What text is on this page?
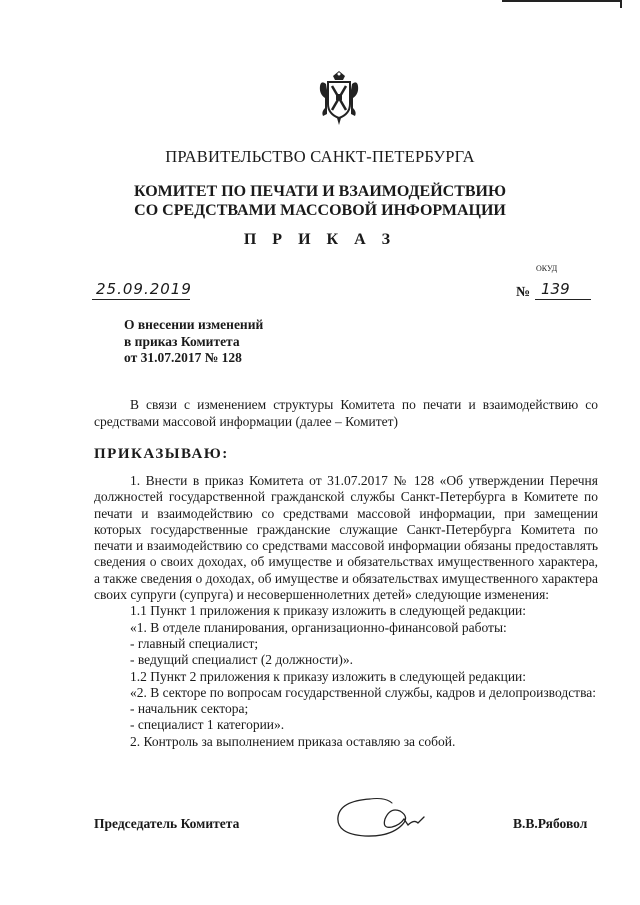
ПРАВИТЕЛЬСТВО САНКТ-ПЕТЕРБУРГА
КОМИТЕТ ПО ПЕЧАТИ И ВЗАИМОДЕЙСТВИЮ
СО СРЕДСТВАМИ МАССОВОЙ ИНФОРМАЦИИ
П Р И К А З
ОКУД
25.09.2019	№ 139
О внесении изменений
в приказ Комитета
от 31.07.2017 № 128
В связи с изменением структуры Комитета по печати и взаимодействию со средствами массовой информации (далее – Комитет)
ПРИКАЗЫВАЮ:

1. Внести в приказ Комитета от 31.07.2017 № 128 «Об утверждении Перечня должностей государственной гражданской службы Санкт-Петербурга в Комитете по печати и взаимодействию со средствами массовой информации, при замещении которых государственные гражданские служащие Санкт-Петербурга Комитета по печати и взаимодействию со средствами массовой информации обязаны предоставлять сведения о своих доходах, об имуществе и обязательствах имущественного характера, а также сведения о доходах, об имуществе и обязательствах имущественного характера своих супруги (супруга) и несовершеннолетних детей» следующие изменения:

1.1 Пункт 1 приложения к приказу изложить в следующей редакции:

«1. В отделе планирования, организационно-финансовой работы:

- главный специалист;

- ведущий специалист (2 должности)».

1.2 Пункт 2 приложения к приказу изложить в следующей редакции:

«2. В секторе по вопросам государственной службы, кадров и делопроизводства:

- начальник сектора;

- специалист 1 категории».

2. Контроль за выполнением приказа оставляю за собой.

Председатель Комитета	В.В.Рябовол
